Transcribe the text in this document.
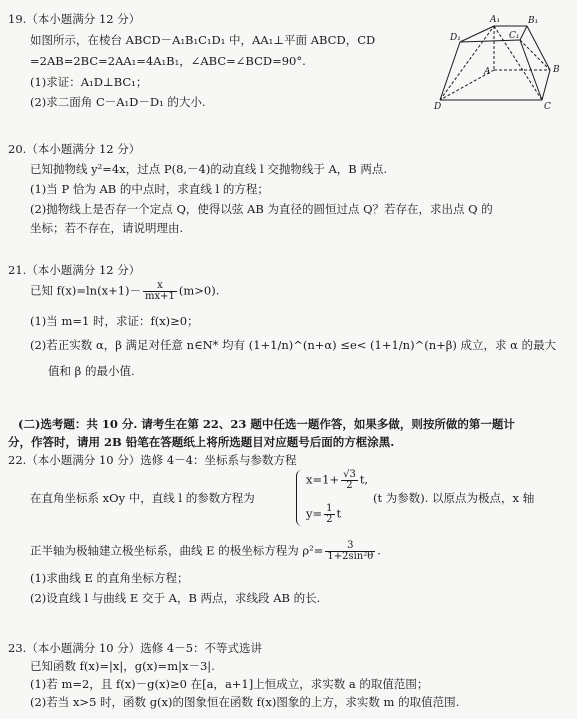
19.（本小题满分 12 分）
如图所示，在棱台 ABCD－A₁B₁C₁D₁ 中，AA₁⊥平面 ABCD，CD
=2AB=2BC=2AA₁=4A₁B₁，∠ABC=∠BCD=90°.
(1)求证：A₁D⊥BC₁；
(2)求二面角 C－A₁D－D₁ 的大小.
A₁	B₁
C₁
D₁
A	B
C
D
20.（本小题满分 12 分）
已知抛物线 y²=4x，过点 P(8,－4)的动直线 l 交抛物线于 A，B 两点.
(1)当 P 恰为 AB 的中点时，求直线 l 的方程；
(2)抛物线上是否存一个定点 Q，使得以弦 AB 为直径的圆恒过点 Q？若存在，求出点 Q 的
坐标；若不存在，请说明理由.
21.（本小题满分 12 分）
已知 $f(x)=\ln(x+1)- \frac{x}{mx+1} (m>0)$.
(1)当 m=1 时，求证：f(x)≥0；
(2)若正实数 α，β 满足对任意 n∈N* 均有 (1+1/n)^(n+α) ≤e< (1+1/n)^(n+β) 成立，求 α 的最大
值和 β 的最小值.
(二)选考题：共 10 分. 请考生在第 22、23 题中任选一题作答，如果多做，则按所做的第一题计
分，作答时，请用 2B 铅笔在答题纸上将所选题目对应题号后面的方框涂黑.
22.（本小题满分 10 分）选修 4－4：坐标系与参数方程
在直角坐标系 xOy 中，直线 l 的参数方程为
$x=1+ \frac{√3}{2} t$,
$y= \frac{1}{2}$ t
(t 为参数). 以原点为极点，x 轴
正半轴为极轴建立极坐标系，曲线 E 的极坐标方程为 $\rho^2= \frac{3}{\text{1+2sin²θ}}$ .
(1)求曲线 E 的直角坐标方程；
(2)设直线 l 与曲线 E 交于 A，B 两点，求线段 AB 的长.
23.（本小题满分 10 分）选修 4－5：不等式选讲
已知函数 f(x)=|x|，g(x)=m|x－3|.
(1)若 m=2，且 f(x)－g(x)≥0 在[a，a+1]上恒成立，求实数 a 的取值范围；
(2)若当 x>5 时，函数 g(x)的图象恒在函数 f(x)图象的上方，求实数 m 的取值范围.
